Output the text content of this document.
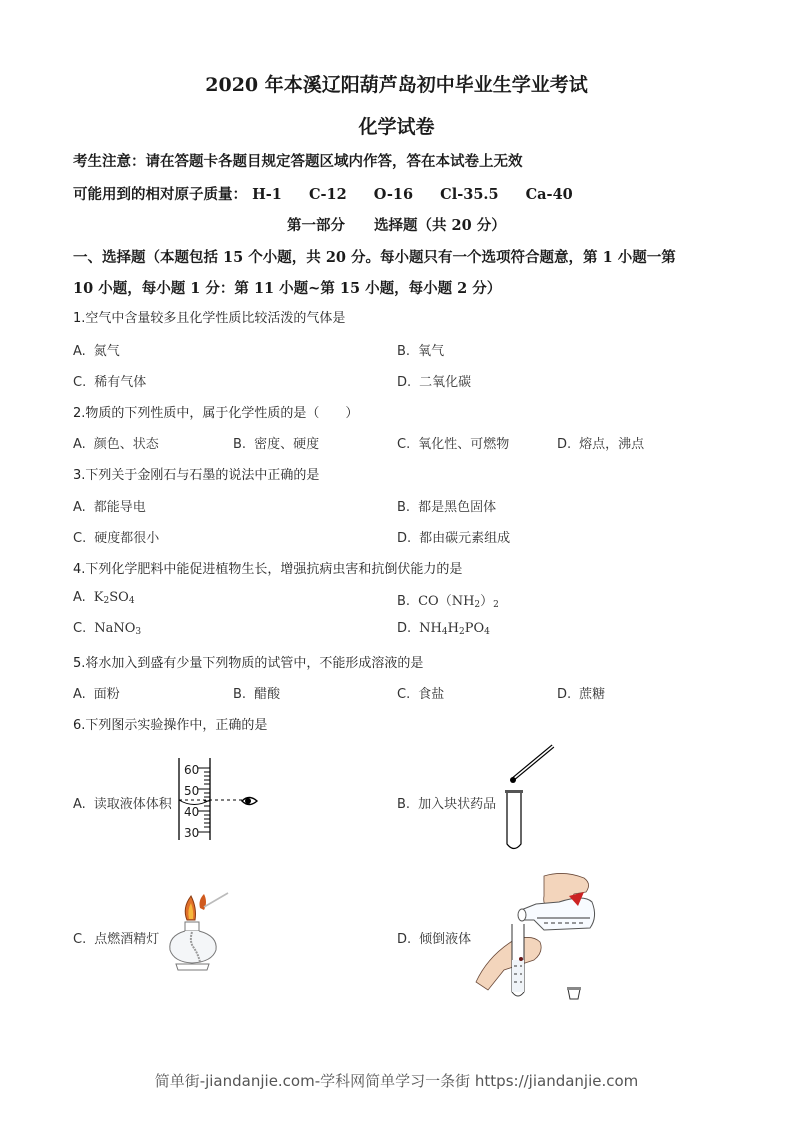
2020 年本溪辽阳葫芦岛初中毕业生学业考试
化学试卷
考生注意：请在答题卡各题目规定答题区域内作答，答在本试卷上无效
可能用到的相对原子质量： H-1 C-12 O-16 Cl-35.5 Ca-40
第一部分　　选择题（共 20 分）
一、选择题（本题包括 15 个小题，共 20 分。每小题只有一个选项符合题意，第 1 小题一第
10 小题，每小题 1 分：第 11 小题~第 15 小题，每小题 2 分）
1.空气中含量较多且化学性质比较活泼的气体是
A. 氮气	B. 氧气
C. 稀有气体	D. 二氧化碳
2.物质的下列性质中，属于化学性质的是（　　）
A. 颜色、状态	B. 密度、硬度	C. 氧化性、可燃物	D. 熔点，沸点
3.下列关于金刚石与石墨的说法中正确的是
A. 都能导电	B. 都是黑色固体
C. 硬度都很小	D. 都由碳元素组成
4.下列化学肥料中能促进植物生长，增强抗病虫害和抗倒伏能力的是
A. $K_2SO_4$	B. $CO(NH_2)_2$
C. NaNO$_3$	D. $NH_4H_2PO_4$
5.将水加入到盛有少量下列物质的试管中，不能形成溶液的是
A. 面粉	B. 醋酸	C. 食盐	D. 蔗糖
6.下列图示实验操作中，正确的是
A. 读取液体体积
60
50
40
30
B. 加入块状药品
C. 点燃酒精灯	D. 倾倒液体
简单街-jiandanjie.com-学科网简单学习一条街 https://jiandanjie.com
